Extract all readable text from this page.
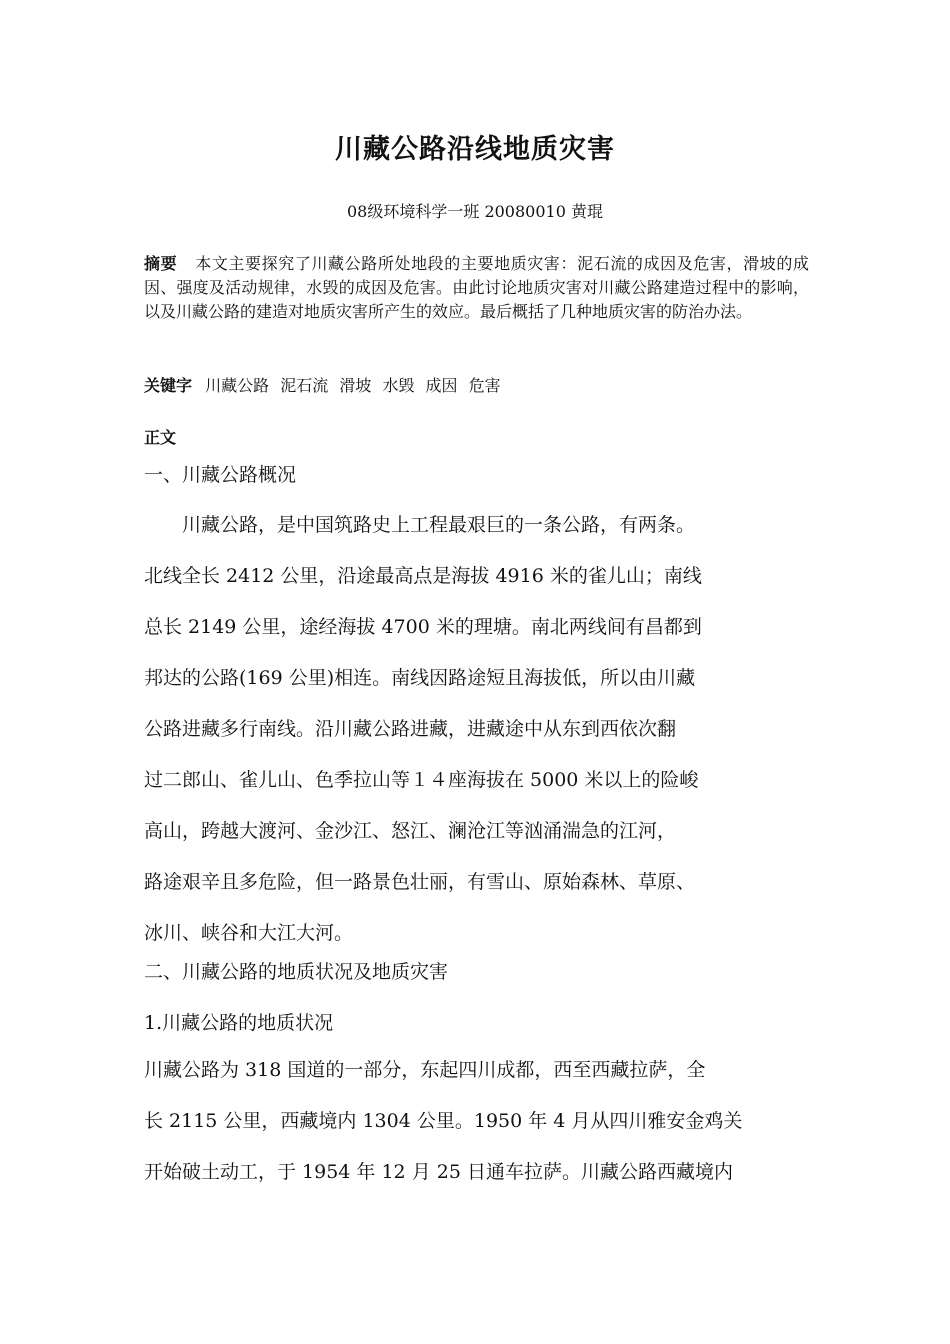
川藏公路沿线地质灾害
08级环境科学一班 20080010 黄琨
摘要 本文主要探究了川藏公路所处地段的主要地质灾害：泥石流的成因及危害，滑坡的成因、强度及活动规律，水毁的成因及危害。由此讨论地质灾害对川藏公路建造过程中的影响，以及川藏公路的建造对地质灾害所产生的效应。最后概括了几种地质灾害的防治办法。
关键字 川藏公路 泥石流 滑坡 水毁 成因 危害
正文
一、川藏公路概况
川藏公路，是中国筑路史上工程最艰巨的一条公路，有两条。
北线全长 2412 公里，沿途最高点是海拔 4916 米的雀儿山；南线
总长 2149 公里，途经海拔 4700 米的理塘。南北两线间有昌都到
邦达的公路(169 公里)相连。南线因路途短且海拔低，所以由川藏
公路进藏多行南线。沿川藏公路进藏，进藏途中从东到西依次翻
过二郎山、雀儿山、色季拉山等１４座海拔在 5000 米以上的险峻
高山，跨越大渡河、金沙江、怒江、澜沧江等汹涌湍急的江河，
路途艰辛且多危险，但一路景色壮丽，有雪山、原始森林、草原、
冰川、峡谷和大江大河。
二、川藏公路的地质状况及地质灾害
1.川藏公路的地质状况
川藏公路为 318 国道的一部分，东起四川成都，西至西藏拉萨，全
长 2115 公里，西藏境内 1304 公里。1950 年 4 月从四川雅安金鸡关
开始破土动工，于 1954 年 12 月 25 日通车拉萨。川藏公路西藏境内
